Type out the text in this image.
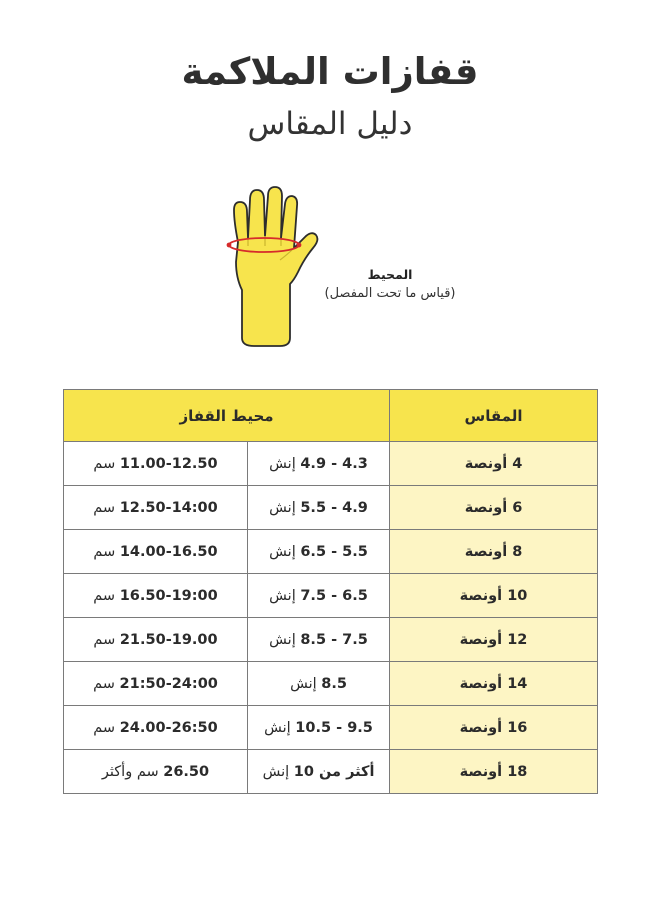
قفازات الملاكمة
دليل المقاس
المحيط
(قياس ما تحت المفصل)
المقاس	محيط القفاز	
4 أونصة	4.3 - 4.9 إنش	11.00-12.50 سم
6 أونصة	4.9 - 5.5 إنش	12.50-14:00 سم
8 أونصة	5.5 - 6.5 إنش	14.00-16.50 سم
10 أونصة	6.5 - 7.5 إنش	16.50-19:00 سم
12 أونصة	7.5 - 8.5 إنش	21.50-19.00 سم
14 أونصة	8.5 إنش	21:50-24:00 سم
16 أونصة	9.5 - 10.5 إنش	24.00-26:50 سم
18 أونصة	أكثر من 10 إنش	26.50 سم وأكثر
